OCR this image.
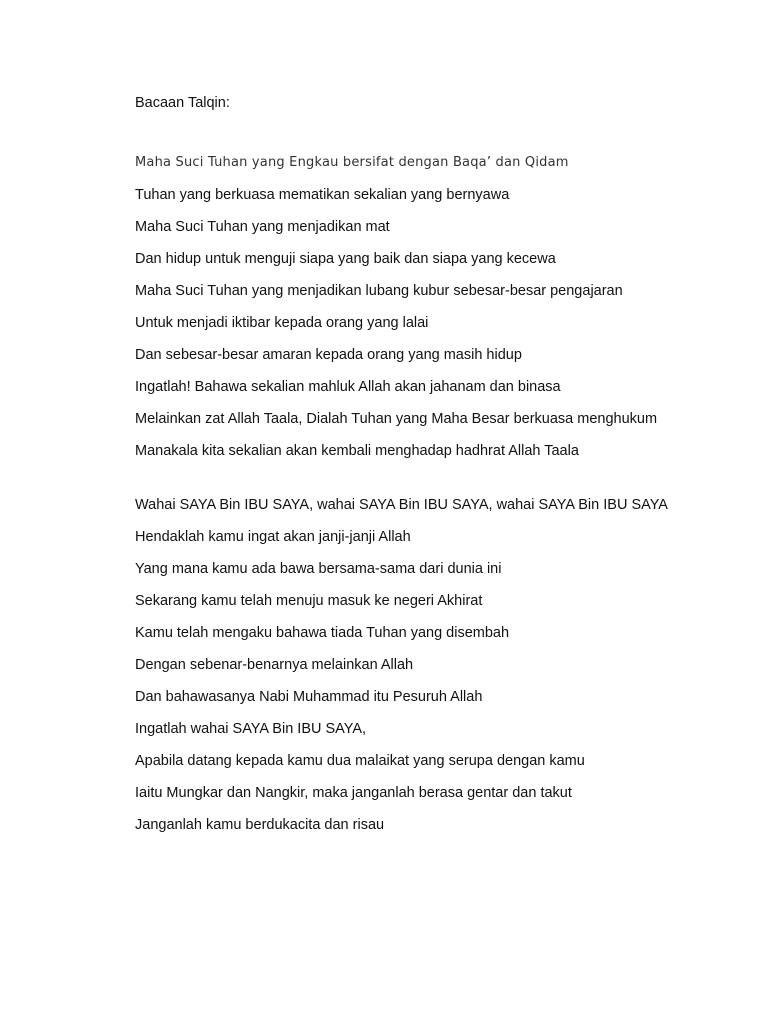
Bacaan Talqin:
Maha Suci Tuhan yang Engkau bersifat dengan Baqa’ dan Qidam
Tuhan yang berkuasa mematikan sekalian yang bernyawa
Maha Suci Tuhan yang menjadikan mat
Dan hidup untuk menguji siapa yang baik dan siapa yang kecewa
Maha Suci Tuhan yang menjadikan lubang kubur sebesar-besar pengajaran
Untuk menjadi iktibar kepada orang yang lalai
Dan sebesar-besar amaran kepada orang yang masih hidup
Ingatlah! Bahawa sekalian mahluk Allah akan jahanam dan binasa
Melainkan zat Allah Taala, Dialah Tuhan yang Maha Besar berkuasa menghukum
Manakala kita sekalian akan kembali menghadap hadhrat Allah Taala
Wahai SAYA Bin IBU SAYA, wahai SAYA Bin IBU SAYA, wahai SAYA Bin IBU SAYA
Hendaklah kamu ingat akan janji-janji Allah
Yang mana kamu ada bawa bersama-sama dari dunia ini
Sekarang kamu telah menuju masuk ke negeri Akhirat
Kamu telah mengaku bahawa tiada Tuhan yang disembah
Dengan sebenar-benarnya melainkan Allah
Dan bahawasanya Nabi Muhammad itu Pesuruh Allah
Ingatlah wahai SAYA Bin IBU SAYA,
Apabila datang kepada kamu dua malaikat yang serupa dengan kamu
Iaitu Mungkar dan Nangkir, maka janganlah berasa gentar dan takut
Janganlah kamu berdukacita dan risau
